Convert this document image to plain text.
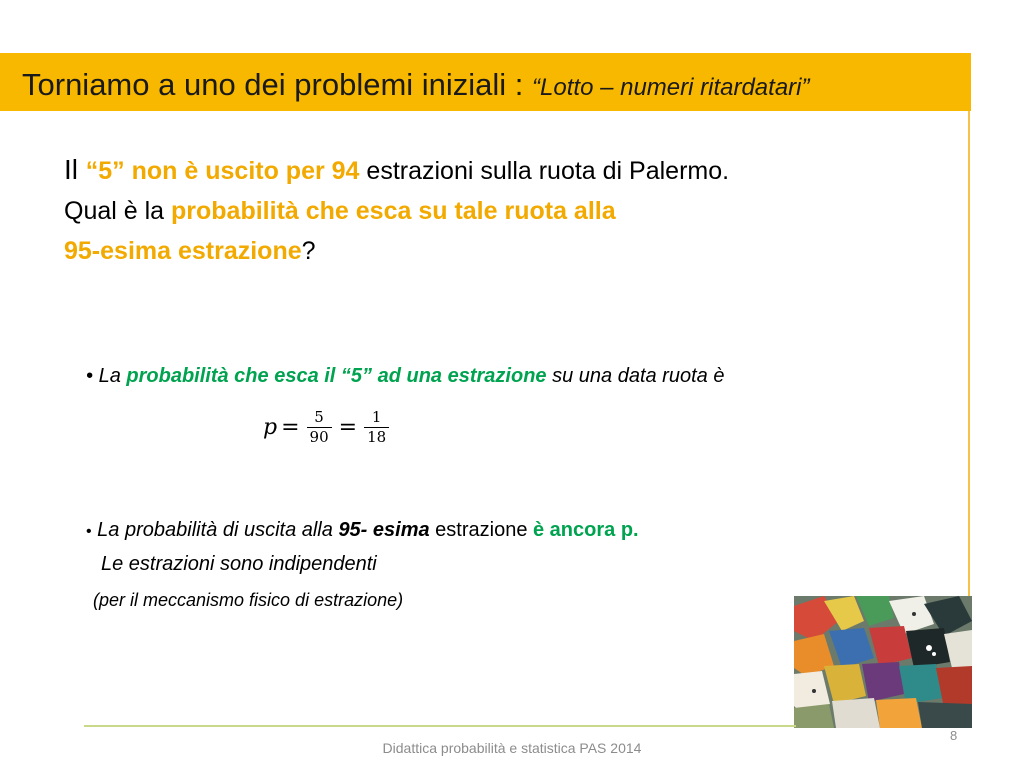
Torniamo a uno dei problemi iniziali : “Lotto – numeri ritardatari”
Il “5” non è uscito per 94 estrazioni sulla ruota di Palermo.
Qual è la probabilità che esca su tale ruota alla
95-esima estrazione?
• La probabilità che esca il “5” ad una estrazione su una data ruota è
$p = \frac{5}{90} = \frac{1}{18}$
• La probabilità di uscita alla 95- esima estrazione è ancora p.
Le estrazioni sono indipendenti
(per il meccanismo fisico di estrazione)
8
Didattica probabilità e statistica PAS 2014
